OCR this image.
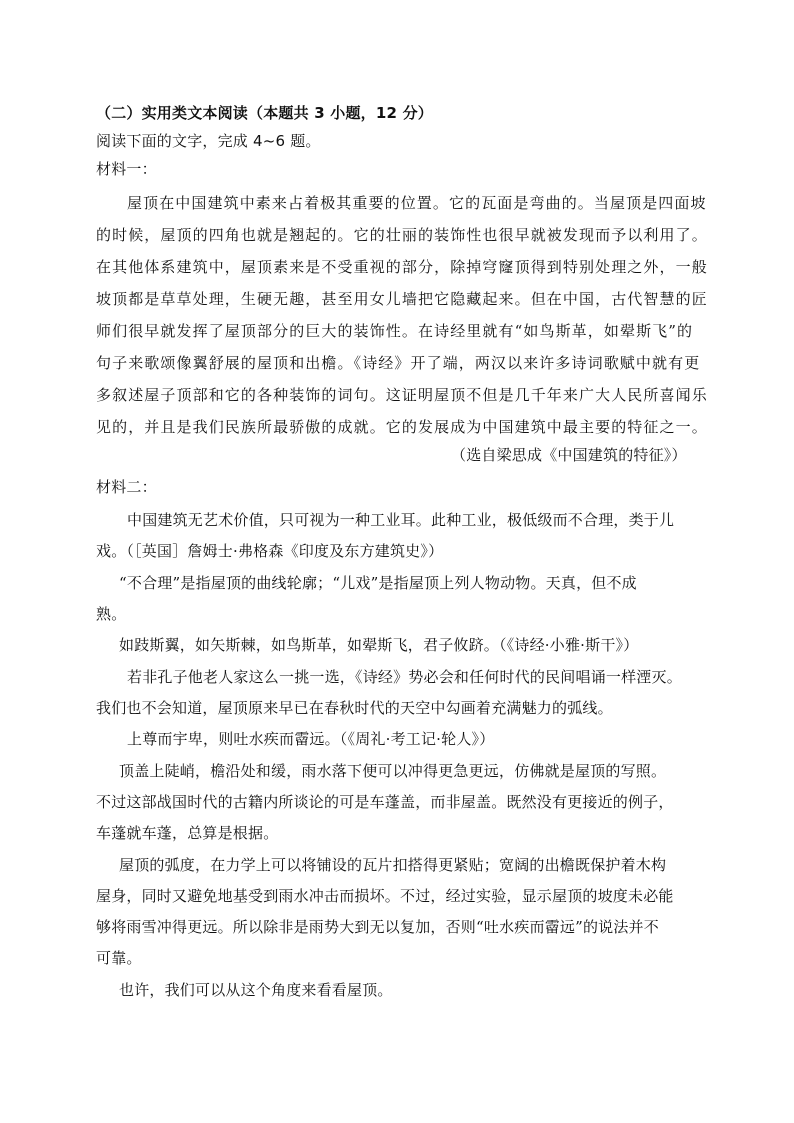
（二）实用类文本阅读（本题共 3 小题，12 分）
阅读下面的文字，完成 4~6 题。
材料一：
屋顶在中国建筑中素来占着极其重要的位置。它的瓦面是弯曲的。当屋顶是四面坡
的时候，屋顶的四角也就是翘起的。它的壮丽的装饰性也很早就被发现而予以利用了。
在其他体系建筑中，屋顶素来是不受重视的部分，除掉穹窿顶得到特别处理之外，一般
坡顶都是草草处理，生硬无趣，甚至用女儿墙把它隐藏起来。但在中国，古代智慧的匠
师们很早就发挥了屋顶部分的巨大的装饰性。在诗经里就有“如鸟斯革，如翚斯飞”的
句子来歌颂像翼舒展的屋顶和出檐。《诗经》开了端，两汉以来许多诗词歌赋中就有更
多叙述屋子顶部和它的各种装饰的词句。这证明屋顶不但是几千年来广大人民所喜闻乐
见的，并且是我们民族所最骄傲的成就。它的发展成为中国建筑中最主要的特征之一。
（选自梁思成《中国建筑的特征》）
材料二：
中国建筑无艺术价值，只可视为一种工业耳。此种工业，极低级而不合理，类于儿
戏。（［英国］詹姆士·弗格森《印度及东方建筑史》）
“不合理”是指屋顶的曲线轮廓；“儿戏”是指屋顶上列人物动物。天真，但不成
熟。
如跂斯翼，如矢斯棘，如鸟斯革，如翚斯飞，君子攸跻。（《诗经·小雅·斯干》）
若非孔子他老人家这么一挑一选，《诗经》势必会和任何时代的民间唱诵一样湮灭。
我们也不会知道，屋顶原来早已在春秋时代的天空中勾画着充满魅力的弧线。
上尊而宇卑，则吐水疾而霤远。（《周礼·考工记·轮人》）
顶盖上陡峭，檐沿处和缓，雨水落下便可以冲得更急更远，仿佛就是屋顶的写照。
不过这部战国时代的古籍内所谈论的可是车蓬盖，而非屋盖。既然没有更接近的例子，
车蓬就车蓬，总算是根据。
屋顶的弧度，在力学上可以将铺设的瓦片扣搭得更紧贴；宽阔的出檐既保护着木构
屋身，同时又避免地基受到雨水冲击而损坏。不过，经过实验，显示屋顶的坡度未必能
够将雨雪冲得更远。所以除非是雨势大到无以复加，否则“吐水疾而霤远”的说法并不
可靠。
也许，我们可以从这个角度来看看屋顶。
